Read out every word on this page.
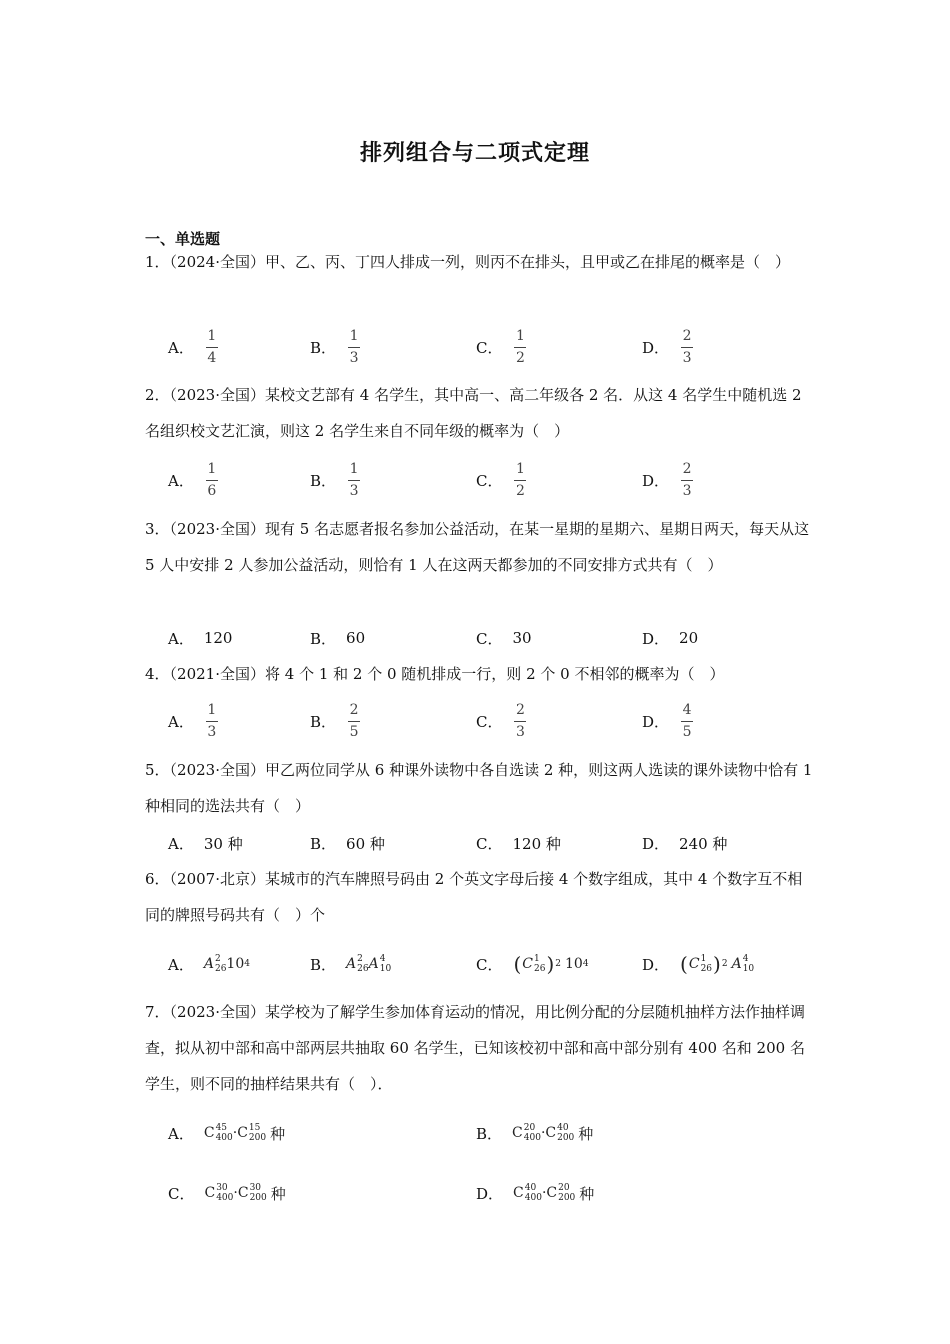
排列组合与二项式定理
一、单选题
1．（2024·全国）甲、乙、丙、丁四人排成一列，则丙不在排头，且甲或乙在排尾的概率是（　）
A． $\frac{1}{4}$	B． $\frac{1}{3}$	C． $\frac{1}{2}$	D． $\frac{2}{3}$
2．（2023·全国）某校文艺部有 4 名学生，其中高一、高二年级各 2 名．从这 4 名学生中随机选 2 名组织校文艺汇演，则这 2 名学生来自不同年级的概率为（　）
A． $\frac{1}{6}$	B． $\frac{1}{3}$	C． $\frac{1}{2}$	D． $\frac{2}{3}$
3．（2023·全国）现有 5 名志愿者报名参加公益活动，在某一星期的星期六、星期日两天，每天从这 5 人中安排 2 人参加公益活动，则恰有 1 人在这两天都参加的不同安排方式共有（　）
A． 120	B． 60	C． 30	D． 20
4．（2021·全国）将 4 个 1 和 2 个 0 随机排成一行，则 2 个 0 不相邻的概率为（　）
A． $\frac{1}{3}$	B． $\frac{2}{5}$	C． $\frac{2}{3}$	D． $\frac{4}{5}$
5．（2023·全国）甲乙两位同学从 6 种课外读物中各自选读 2 种，则这两人选读的课外读物中恰有 1 种相同的选法共有（　）
A． 30 种	B． 60 种	C． 120 种	D． 240 种
6．（2007·北京）某城市的汽车牌照号码由 2 个英文字母后接 4 个数字组成，其中 4 个数字互不相同的牌照号码共有（　）个
A． A 2
26 10 4	B． A 2
26 A 4
10	C． ( C 1
26 ) 2 10 4	D． ( C 1
26 ) 2 A 4
10
7．（2023·全国）某学校为了解学生参加体育运动的情况，用比例分配的分层随机抽样方法作抽样调查，拟从初中部和高中部两层共抽取 60 名学生，已知该校初中部和高中部分别有 400 名和 200 名学生，则不同的抽样结果共有（　）．
A． C 45
400 · C 15
200 种	B． C 20
400 · C 40
200 种
C． C 30
400 · C 30
200 种	D． C 40
400 · C 20
200 种
